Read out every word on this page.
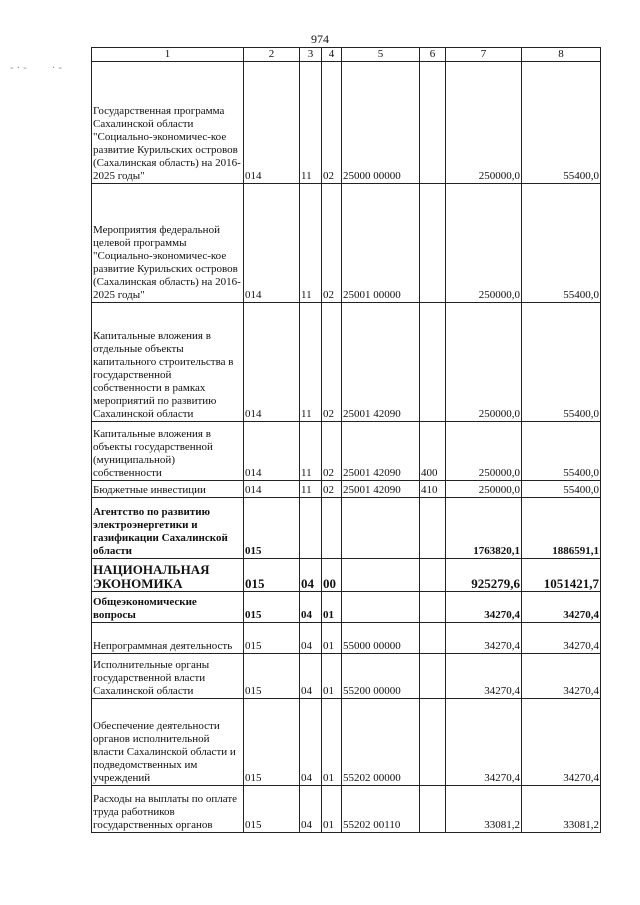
974
1	2	3	4	5	6	7	8
Государственная программа Сахалинской области "Социально-экономичес-кое развитие Курильских островов (Сахалинская область) на 2016-2025 годы"	014	11	02	25000 00000		250000,0	55400,0
Мероприятия федеральной целевой программы "Социально-экономичес-кое развитие Курильских островов (Сахалинская область) на 2016-2025 годы"	014	11	02	25001 00000		250000,0	55400,0
Капитальные вложения в отдельные объекты капитального строительства в государственной собственности в рамках мероприятий по развитию Сахалинской области	014	11	02	25001 42090		250000,0	55400,0
Капитальные вложения в объекты государственной (муниципальной) собственности	014	11	02	25001 42090	400	250000,0	55400,0
Бюджетные инвестиции	014	11	02	25001 42090	410	250000,0	55400,0
Агентство по развитию электроэнергетики и газификации Сахалинской области	015					1763820,1	1886591,1
НАЦИОНАЛЬНАЯ ЭКОНОМИКА	015	04	00			925279,6	1051421,7
Общеэкономические вопросы	015	04	01			34270,4	34270,4
Непрограммная деятельность	015	04	01	55000 00000		34270,4	34270,4
Исполнительные органы государственной власти Сахалинской области	015	04	01	55200 00000		34270,4	34270,4
Обеспечение деятельности органов исполнительной власти Сахалинской области и подведомственных им учреждений	015	04	01	55202 00000		34270,4	34270,4
Расходы на выплаты по оплате труда работников государственных органов	015	04	01	55202 00110		33081,2	33081,2
- · -	· -
